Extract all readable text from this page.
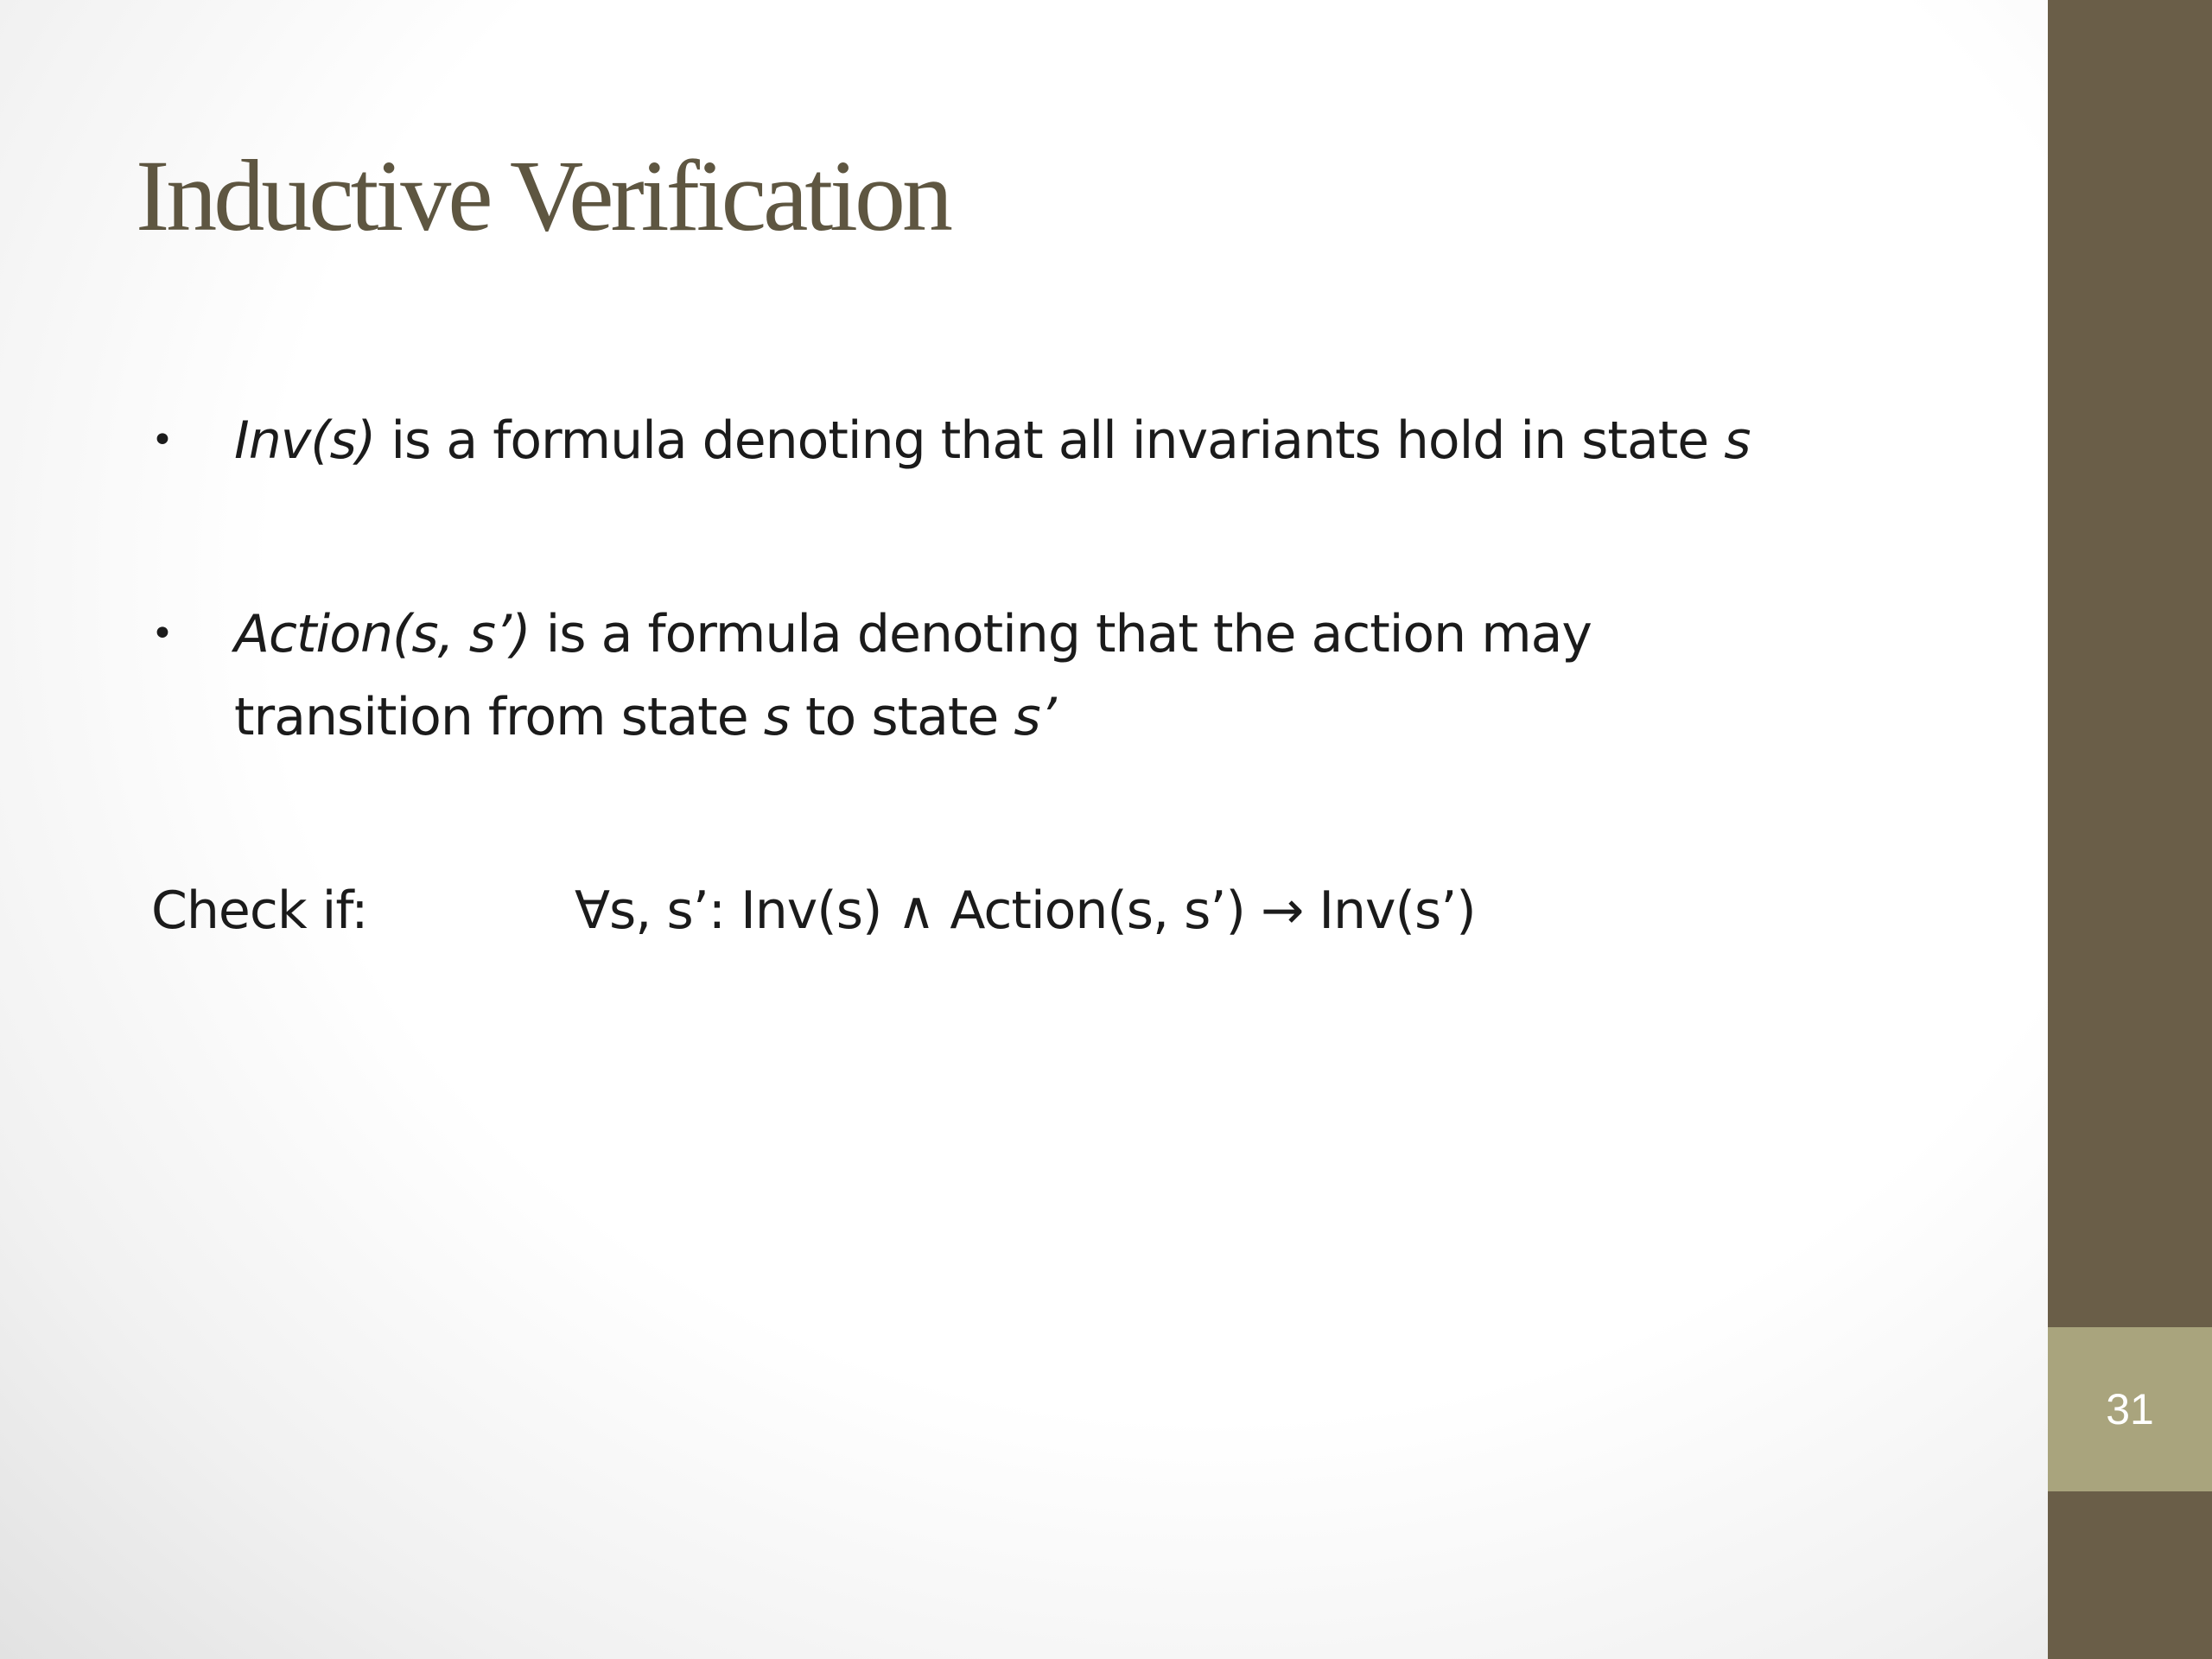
Inductive Verification
• Inv(s) is a formula denoting that all invariants hold in state s
• Action(s, s’) is a formula denoting that the action may
transition from state s to state s’
Check if:	∀s, s’: Inv(s) ∧ Action(s, s’) → Inv(s’)
31
